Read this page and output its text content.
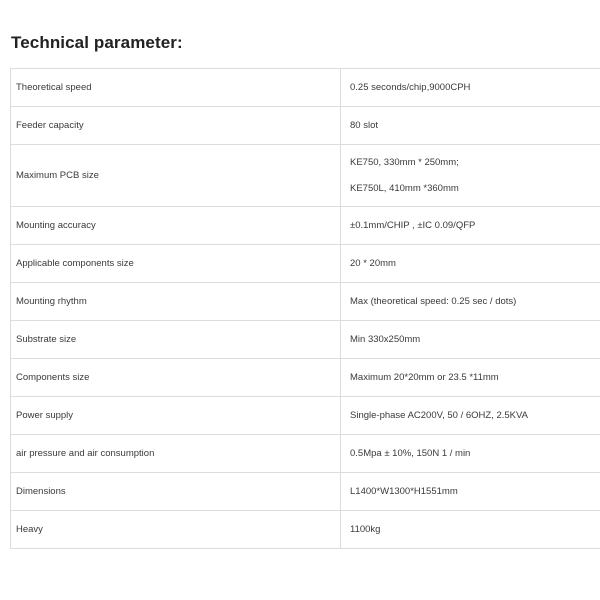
Technical parameter:
Theoretical speed	0.25 seconds/chip,9000CPH

Feeder capacity	80 slot

Maximum PCB size	KE750, 330mm * 250mm;
KE750L, 410mm *360mm

Mounting accuracy	±0.1mm/CHIP , ±IC 0.09/QFP

Applicable components size	20 * 20mm

Mounting rhythm	Max (theoretical speed: 0.25 sec / dots)

Substrate size	Min 330x250mm

Components size	Maximum 20*20mm or 23.5 *11mm

Power supply	Single-phase AC200V, 50 / 6OHZ, 2.5KVA

air pressure and air consumption	0.5Mpa ± 10%, 150N 1 / min

Dimensions	L1400*W1300*H1551mm

Heavy	1100kg
